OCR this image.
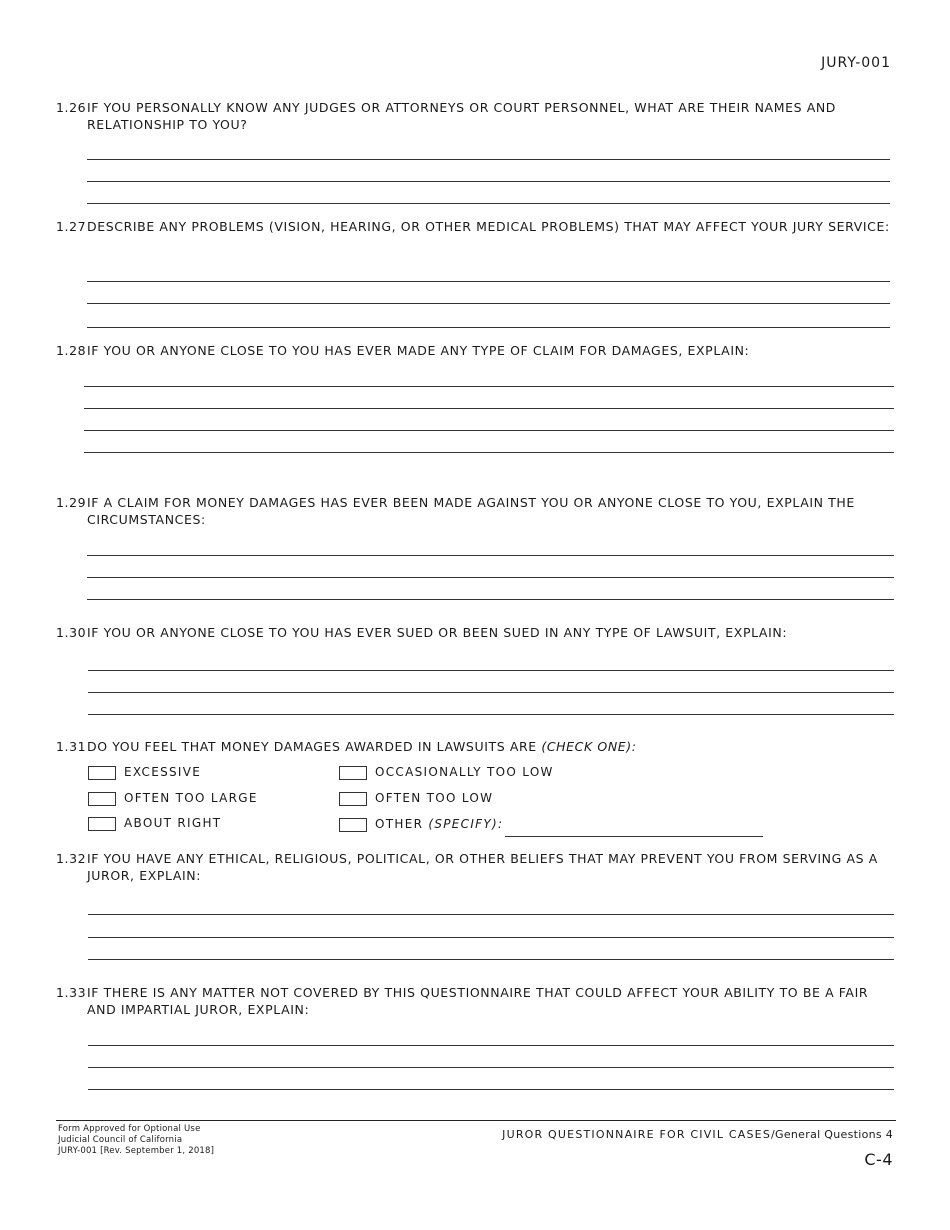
JURY-001
1.26 IF YOU PERSONALLY KNOW ANY JUDGES OR ATTORNEYS OR COURT PERSONNEL, WHAT ARE THEIR NAMES AND RELATIONSHIP TO YOU?
1.27 DESCRIBE ANY PROBLEMS (VISION, HEARING, OR OTHER MEDICAL PROBLEMS) THAT MAY AFFECT YOUR JURY SERVICE:
1.28 IF YOU OR ANYONE CLOSE TO YOU HAS EVER MADE ANY TYPE OF CLAIM FOR DAMAGES, EXPLAIN:
1.29 IF A CLAIM FOR MONEY DAMAGES HAS EVER BEEN MADE AGAINST YOU OR ANYONE CLOSE TO YOU, EXPLAIN THE CIRCUMSTANCES:
1.30 IF YOU OR ANYONE CLOSE TO YOU HAS EVER SUED OR BEEN SUED IN ANY TYPE OF LAWSUIT, EXPLAIN:
1.31 DO YOU FEEL THAT MONEY DAMAGES AWARDED IN LAWSUITS ARE (CHECK ONE):
EXCESSIVE
OFTEN TOO LARGE
ABOUT RIGHT
OCCASIONALLY TOO LOW
OFTEN TOO LOW
OTHER (SPECIFY):
1.32 IF YOU HAVE ANY ETHICAL, RELIGIOUS, POLITICAL, OR OTHER BELIEFS THAT MAY PREVENT YOU FROM SERVING AS A JUROR, EXPLAIN:
1.33 IF THERE IS ANY MATTER NOT COVERED BY THIS QUESTIONNAIRE THAT COULD AFFECT YOUR ABILITY TO BE A FAIR AND IMPARTIAL JUROR, EXPLAIN:
Form Approved for Optional Use
Judicial Council of California
JURY-001 [Rev. September 1, 2018]
JUROR QUESTIONNAIRE FOR CIVIL CASES/General Questions 4
C-4
